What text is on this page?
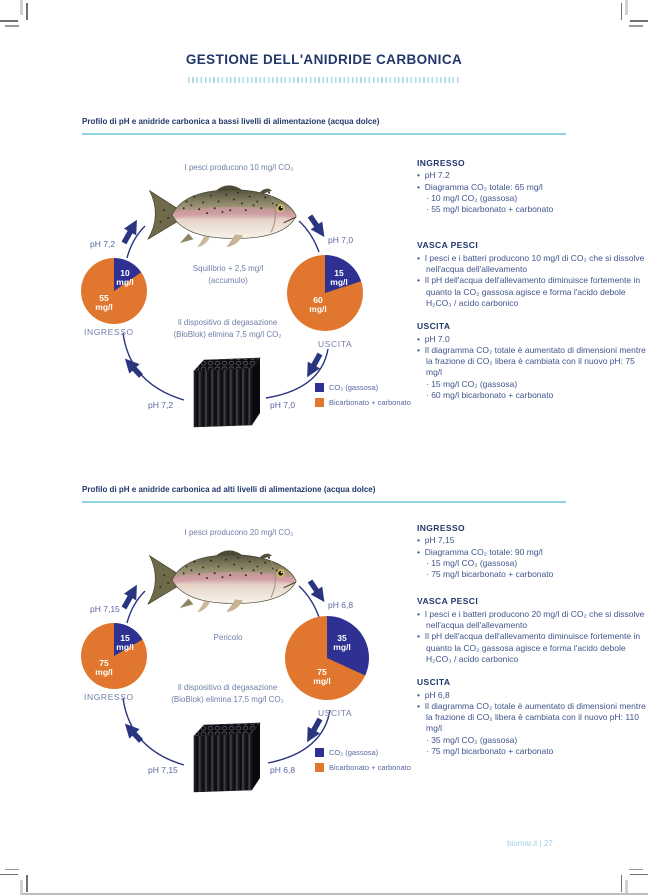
GESTIONE DELL'ANIDRIDE CARBONICA
Profilo di pH e anidride carbonica a bassi livelli di alimentazione (acqua dolce)
I pesci producono 10 mg/l CO₂
pH 7,2	pH 7,0
10
mg/l
55
mg/l
15
mg/l
60
mg/l
Squilibrio + 2,5 mg/l
(accumulo)
INGRESSO
USCITA
Il dispositivo di degasazione
(BioBlok) elimina 7,5 mg/l CO₂
pH 7,2	pH 7,0
CO₂ (gassosa)
Bicarbonato + carbonato
INGRESSO

•  pH 7.2

•  Diagramma CO₂ totale: 65 mg/l

· 10 mg/l CO₂ (gassosa)

· 55 mg/l bicarbonato + carbonato

VASCA PESCI

•  I pesci e i batteri producono 10 mg/l di CO₂ che si dissolve nell'acqua dell'allevamento

•  Il pH dell'acqua dell'allevamento diminuisce fortemente in quanto la CO₂ gassosa agisce e forma l'acido debole H₂CO₃ / acido carbonico

USCITA

•  pH 7.0

•  Il diagramma CO₂ totale è aumentato di dimensioni mentre la frazione di CO₂ libera è cambiata con il nuovo pH: 75 mg/l

· 15 mg/l CO₂ (gassosa)

· 60 mg/l bicarbonato + carbonato

Profilo di pH e anidride carbonica ad alti livelli di alimentazione (acqua dolce)
I pesci producono 20 mg/l CO₂
pH 7,15	pH 6,8
15
mg/l
75
mg/l
35
mg/l
75
mg/l
Pericolo
INGRESSO
USCITA
Il dispositivo di degasazione
(BioBlok) elimina 17,5 mg/l CO₂
pH 7,15	pH 6,8
CO₂ (gassosa)
Bicarbonato + carbonato
INGRESSO

•  pH 7,15

•  Diagramma CO₂ totale: 90 mg/l

· 15 mg/l CO₂ (gassosa)

· 75 mg/l bicarbonato + carbonato

VASCA PESCI

•  I pesci e i batteri producono 20 mg/l di CO₂ che si dissolve nell'acqua dell'allevamento

•  Il pH dell'acqua dell'allevamento diminuisce fortemente in quanto la CO₂ gassosa agisce e forma l'acido debole H₂CO₃ / acido carbonico

USCITA

•  pH 6,8

•  Il diagramma CO₂ totale è aumentato di dimensioni mentre la frazione di CO₂ libera è cambiata con il nuovo pH: 110 mg/l

· 35 mg/l CO₂ (gassosa)

· 75 mg/l bicarbonato + carbonato

biomar.it | 27
